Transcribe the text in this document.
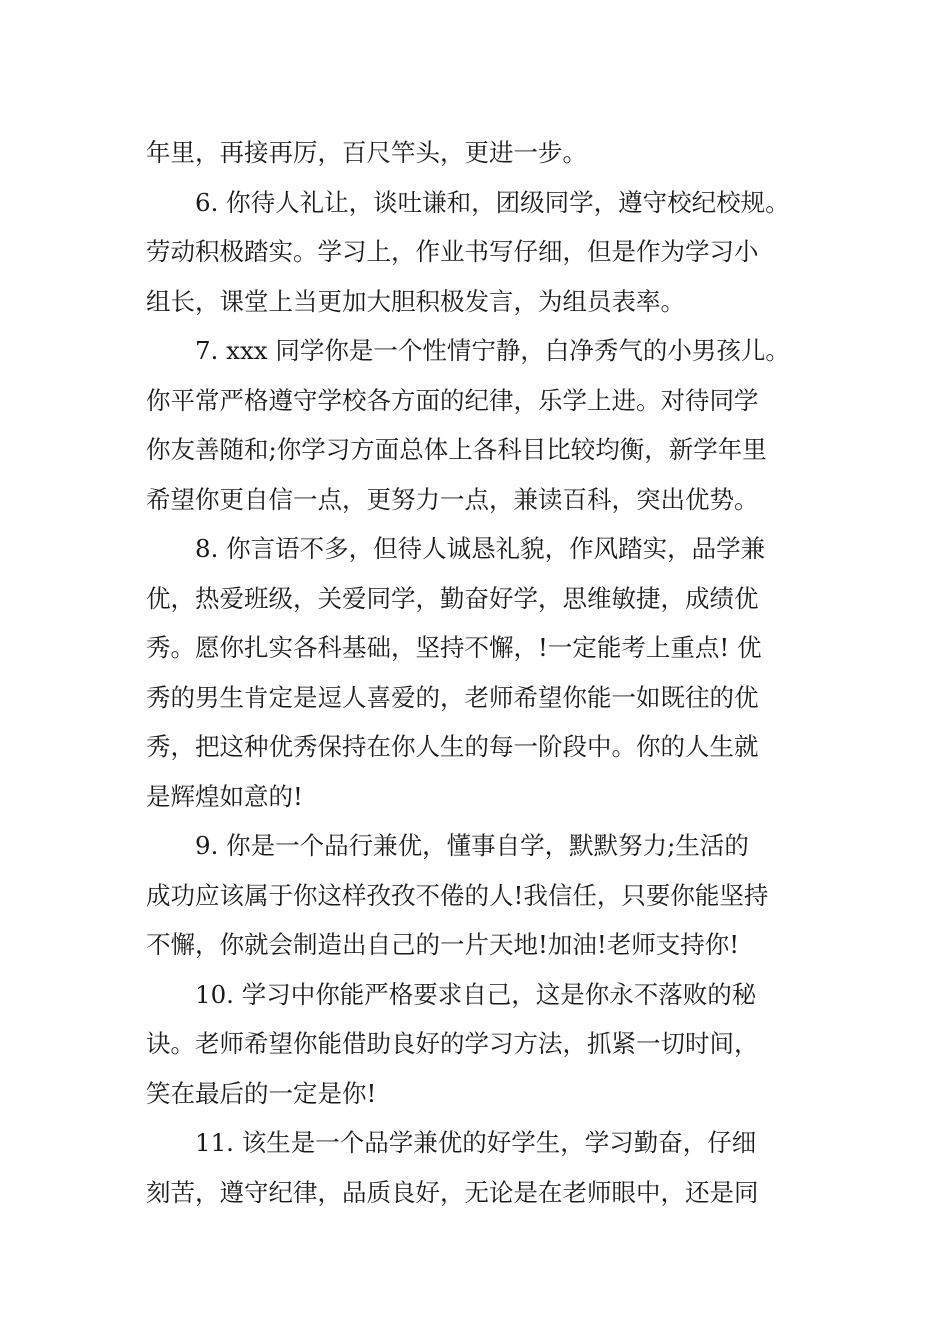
年里，再接再厉，百尺竿头，更进一步。
6. 你待人礼让，谈吐谦和，团级同学，遵守校纪校规。
劳动积极踏实。学习上，作业书写仔细，但是作为学习小
组长，课堂上当更加大胆积极发言，为组员表率。
7. xxx 同学你是一个性情宁静，白净秀气的小男孩儿。
你平常严格遵守学校各方面的纪律，乐学上进。对待同学
你友善随和;你学习方面总体上各科目比较均衡，新学年里
希望你更自信一点，更努力一点，兼读百科，突出优势。
8. 你言语不多，但待人诚恳礼貌，作风踏实，品学兼
优，热爱班级，关爱同学，勤奋好学，思维敏捷，成绩优
秀。愿你扎实各科基础，坚持不懈，!一定能考上重点! 优
秀的男生肯定是逗人喜爱的，老师希望你能一如既往的优
秀，把这种优秀保持在你人生的每一阶段中。你的人生就
是辉煌如意的!
9. 你是一个品行兼优，懂事自学，默默努力;生活的
成功应该属于你这样孜孜不倦的人!我信任，只要你能坚持
不懈，你就会制造出自己的一片天地!加油!老师支持你!
10. 学习中你能严格要求自己，这是你永不落败的秘
诀。老师希望你能借助良好的学习方法，抓紧一切时间，
笑在最后的一定是你!
11. 该生是一个品学兼优的好学生，学习勤奋，仔细
刻苦，遵守纪律，品质良好，无论是在老师眼中，还是同
